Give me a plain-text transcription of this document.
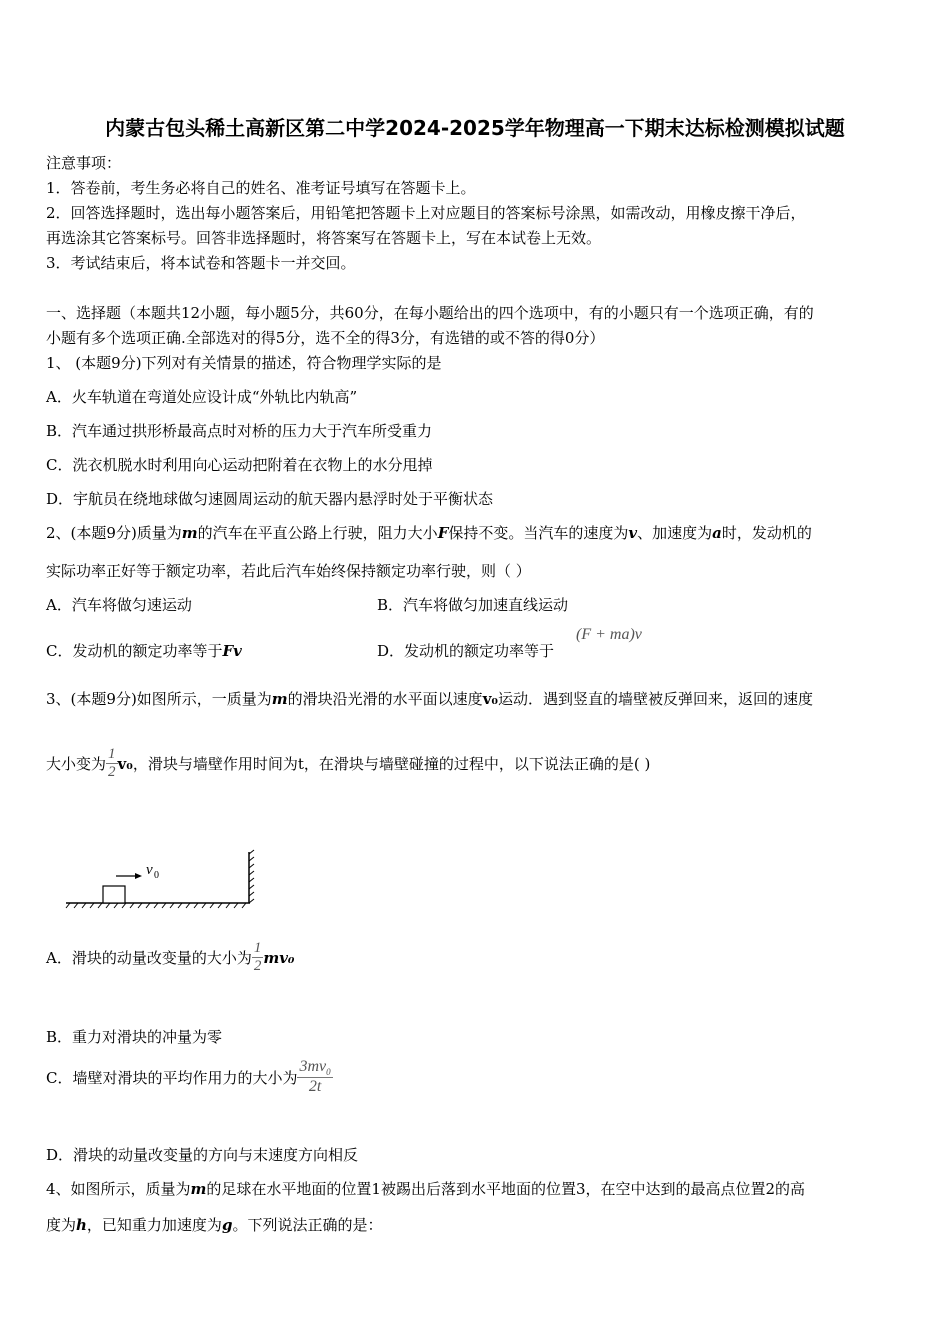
内蒙古包头稀土高新区第二中学2024-2025学年物理高一下期末达标检测模拟试题
注意事项：
1．答卷前，考生务必将自己的姓名、准考证号填写在答题卡上。
2．回答选择题时，选出每小题答案后，用铅笔把答题卡上对应题目的答案标号涂黑，如需改动，用橡皮擦干净后，
再选涂其它答案标号。回答非选择题时，将答案写在答题卡上，写在本试卷上无效。
3．考试结束后，将本试卷和答题卡一并交回。
一、选择题（本题共12小题，每小题5分，共60分，在每小题给出的四个选项中，有的小题只有一个选项正确，有的
小题有多个选项正确.全部选对的得5分，选不全的得3分，有选错的或不答的得0分）
1、 (本题9分)下列对有关情景的描述，符合物理学实际的是
A．火车轨道在弯道处应设计成“外轨比内轨高”
B．汽车通过拱形桥最高点时对桥的压力大于汽车所受重力
C．洗衣机脱水时利用向心运动把附着在衣物上的水分甩掉
D．宇航员在绕地球做匀速圆周运动的航天器内悬浮时处于平衡状态
2、(本题9分)质量为m的汽车在平直公路上行驶，阻力大小F保持不变。当汽车的速度为v、加速度为a时，发动机的
实际功率正好等于额定功率，若此后汽车始终保持额定功率行驶，则（ ）
A．汽车将做匀速运动	B．汽车将做匀加速直线运动
C．发动机的额定功率等于Fv	D．发动机的额定功率等于
(F + ma)v
3、(本题9分)如图所示，一质量为m的滑块沿光滑的水平面以速度v₀运动．遇到竖直的墙壁被反弹回来，返回的速度
大小变为 $\frac{1}{2} v_0$ ，滑块与墙壁作用时间为t，在滑块与墙壁碰撞的过程中，以下说法正确的是( )
v 0
A．滑块的动量改变量的大小为 $\frac{1}{2} mv_0$
B．重力对滑块的冲量为零
C．墙壁对滑块的平均作用力的大小为 $\frac{3mv_0}{2t}$
D．滑块的动量改变量的方向与末速度方向相反
4、如图所示，质量为m的足球在水平地面的位置1被踢出后落到水平地面的位置3，在空中达到的最高点位置2的高
度为h，已知重力加速度为g。下列说法正确的是：
